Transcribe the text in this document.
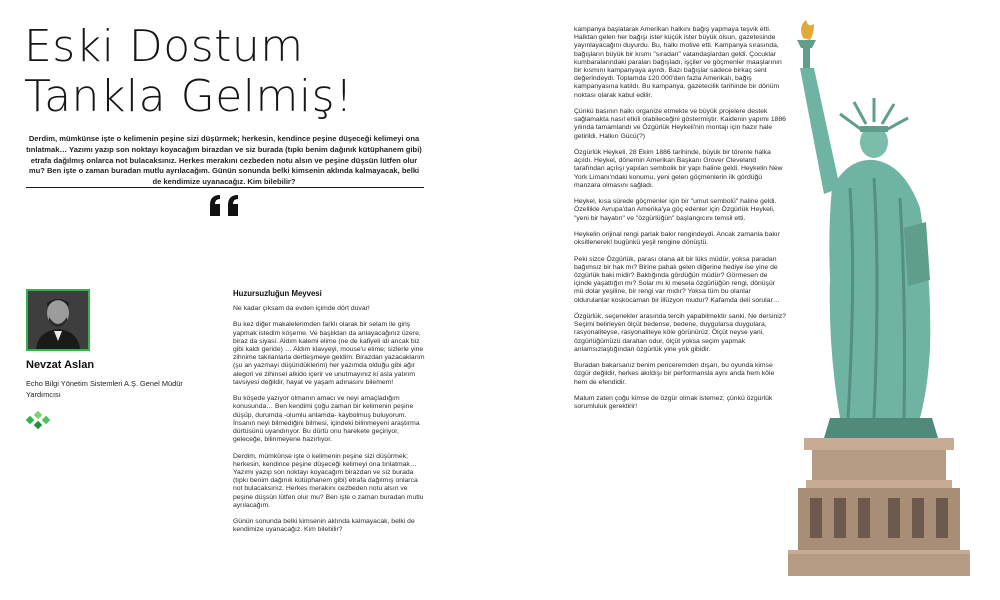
Eski Dostum
Tankla Gelmiş!
Derdim, mümkünse işte o kelimenin peşine sizi düşürmek; herkesin, kendince peşine düşeceği kelimeyi ona tınlatmak… Yazımı yazıp son noktayı koyacağım birazdan ve siz burada (tıpkı benim dağınık kütüphanem gibi) etrafa dağılmış onlarca not bulacaksınız. Herkes merakını cezbeden notu alsın ve peşine düşsün lütfen olur mu? Ben işte o zaman buradan mutlu ayrılacağım. Günün sonunda belki kimsenin aklında kalmayacak, belki de kendimize uyanacağız. Kim bilebilir?
Nevzat Aslan
Echo Bilgi Yönetim Sistemleri A.Ş. Genel Müdür Yardımcısı
Huzursuzluğun Meyvesi

Ne kadar çıksam da evden içimde dört duvar!

Bu kez diğer makalelerimden farklı olarak bir selam ile giriş yapmak istedim köşeme. Ve başlıktan da anlayacağınız üzere, biraz da siyasi. Aldım kalemi elime (ne de kafiyeli idi ancak biz gibi kaldı geride) … Aldım klavyeyi, mouse'u elime; sizlerle yine zihnime takılanlarla dertleşmeye geldim. Birazdan yazacaklarım (şu an yazmayı düşündüklerim) her yazımda olduğu gibi ağır alegori ve zihinsel alkido içerir ve unutmayınız ki asla yatırım tavsiyesi değildir, hayat ve yaşam adınasını bilemem!

Bu köşede yazıyor olmanın amacı ve neyi amaçladığım konusunda… Ben kendimi çoğu zaman bir kelimenin peşine düşüp, durumda -olumlu anlamda- kaybolmuş buluyorum. İnsanın neyi bilmediğini bilmesi, içindeki bilinmeyeni araştırma dürtüsünü uyandırıyor. Bu dürtü onu harekete geçiriyor, geleceğe, bilinmeyene hazırlıyor.

Derdim, mümkünse işte o kelimenin peşine sizi düşürmek; herkesin, kendince peşine düşeceği kelimeyi ona tınlatmak… Yazımı yazıp son noktayı koyacağım birazdan ve siz burada (tıpkı benim dağınık kütüphanem gibi) etrafa dağılmış onlarca not bulacaksınız. Herkes merakını cezbeden notu alsın ve peşine düşsün lütfen olur mu? Ben işte o zaman buradan mutlu ayrılacağım.

Günün sonunda belki kimsenin aklında kalmayacak, belki de kendimize uyanacağız. Kim bilebilir?

kampanya başlatarak Amerikan halkını bağış yapmaya teşvik etti. Halktan gelen her bağışı ister küçük ister büyük olsun, gazetesinde yayınlayacağını duyurdu. Bu, halkı motive etti. Kampanya sırasında, bağışların büyük bir kısmı "sıradan" vatandaşlardan geldi. Çocuklar kumbaralarındaki paraları bağışladı, işçiler ve göçmenler maaşlarının bir kısmını kampanyaya ayırdı. Bazı bağışlar sadece birkaç sent değerindeydi. Toplamda 120.000'den fazla Amerikalı, bağış kampanyasına katıldı. Bu kampanya, gazetecilik tarihinde bir dönüm noktası olarak kabul edilir.

Çünkü basının halkı organize etmekte ve büyük projelere destek sağlamakta nasıl etkili olabileceğini göstermiştir. Kaidenin yapımı 1886 yılında tamamlandı ve Özgürlük Heykeli'nin montajı için hazır hale getirildi. Halkın Gücü(?)

Özgürlük Heykeli, 28 Ekim 1886 tarihinde, büyük bir törenle halka açıldı. Heykel, dönemin Amerikan Başkanı Grover Cleveland tarafından açılışı yapılan sembolik bir yapı haline geldi. Heykelin New York Limanı'ndaki konumu, yeni gelen göçmenlerin ilk gördüğü manzara olmasını sağladı.

Heykel, kısa sürede göçmenler için bir "umut sembolü" haline geldi. Özellikle Avrupa'dan Amerika'ya göç edenler için Özgürlük Heykeli, "yeni bir hayatın" ve "özgürlüğün" başlangıcını temsil etti.

Heykelin orijinal rengi parlak bakır rengindeydi. Ancak zamanla bakır oksitlenerek! bugünkü yeşil rengine dönüştü.

Peki sizce Özgürlük, parası olana ait bir lüks müdür, yoksa paradan bağımsız bir hak mı? Birine pahalı gelen diğerine hediye ise yine de özgürlük baki midir? Baktığında gördüğün müdür? Görmesen de içinde yaşattığın mı? Solar mı ki mesela özgürlüğün rengi, dönüşür mü dolar yeşiline, bir rengi var mıdır? Yoksa tüm bu olanlar oldurulanlar koskocaman bir illüzyon mudur? Kafamda deli sorular…

Özgürlük, seçenekler arasında tercih yapabilmektir sanki. Ne dersiniz? Seçimi belirleyen ölçüt bedense, bedene, duygularsa duygulara, rasyonaliteyse, rasyonaliteye köle görünürüz. Ölçüt neyse yani, özgürlüğümüzü daraltan odur, ölçüt yoksa seçim yapmak anlamsızlaştığından özgürlük yine yok gibidir.

Buradan bakarsanız benim penceremden dışarı, bu oyunda kimse özgür değildir, herkes akıldışı bir performansla aynı anda hem köle hem de efendidir.

Malum zaten çoğu kimse de özgür olmak istemez; çünkü özgürlük sorumluluk gerektirir!
